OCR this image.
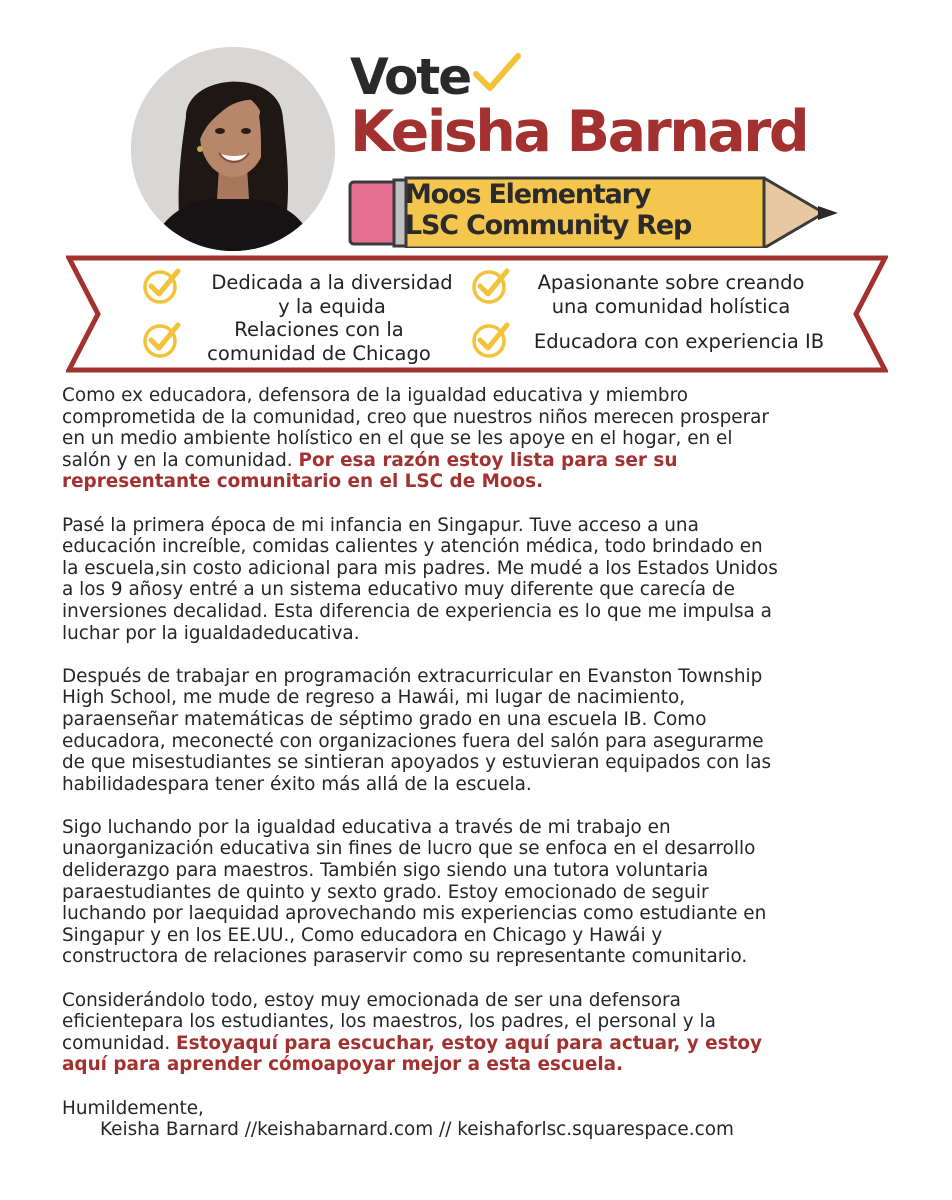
Vote
Keisha Barnard
Moos Elementary
LSC Community Rep
Dedicada a la diversidad
y la equida
Apasionante sobre creando
una comunidad holística
Relaciones con la
comunidad de Chicago
Educadora con experiencia IB

Como ex educadora, defensora de la igualdad educativa y miembro
comprometida de la comunidad, creo que nuestros niños merecen prosperar
en un medio ambiente holístico en el que se les apoye en el hogar, en el
salón y en la comunidad. Por esa razón estoy lista para ser su
representante comunitario en el LSC de Moos.

Pasé la primera época de mi infancia en Singapur. Tuve acceso a una
educación increíble, comidas calientes y atención médica, todo brindado en
la escuela,sin costo adicional para mis padres. Me mudé a los Estados Unidos
a los 9 añosy entré a un sistema educativo muy diferente que carecía de
inversiones decalidad. Esta diferencia de experiencia es lo que me impulsa a
luchar por la igualdadeducativa.

Después de trabajar en programación extracurricular en Evanston Township
High School, me mude de regreso a Hawái, mi lugar de nacimiento,
paraenseñar matemáticas de séptimo grado en una escuela IB. Como
educadora, meconecté con organizaciones fuera del salón para asegurarme
de que misestudiantes se sintieran apoyados y estuvieran equipados con las
habilidadespara tener éxito más allá de la escuela.

Sigo luchando por la igualdad educativa a través de mi trabajo en
unaorganización educativa sin fines de lucro que se enfoca en el desarrollo
deliderazgo para maestros. También sigo siendo una tutora voluntaria
paraestudiantes de quinto y sexto grado. Estoy emocionado de seguir
luchando por laequidad aprovechando mis experiencias como estudiante en
Singapur y en los EE.UU., Como educadora en Chicago y Hawái y
constructora de relaciones paraservir como su representante comunitario.

Considerándolo todo, estoy muy emocionada de ser una defensora
eficientepara los estudiantes, los maestros, los padres, el personal y la
comunidad. Estoyaquí para escuchar, estoy aquí para actuar, y estoy
aquí para aprender cómoapoyar mejor a esta escuela.

Humildemente,
Keisha Barnard //keishabarnard.com // keishaforlsc.squarespace.com
